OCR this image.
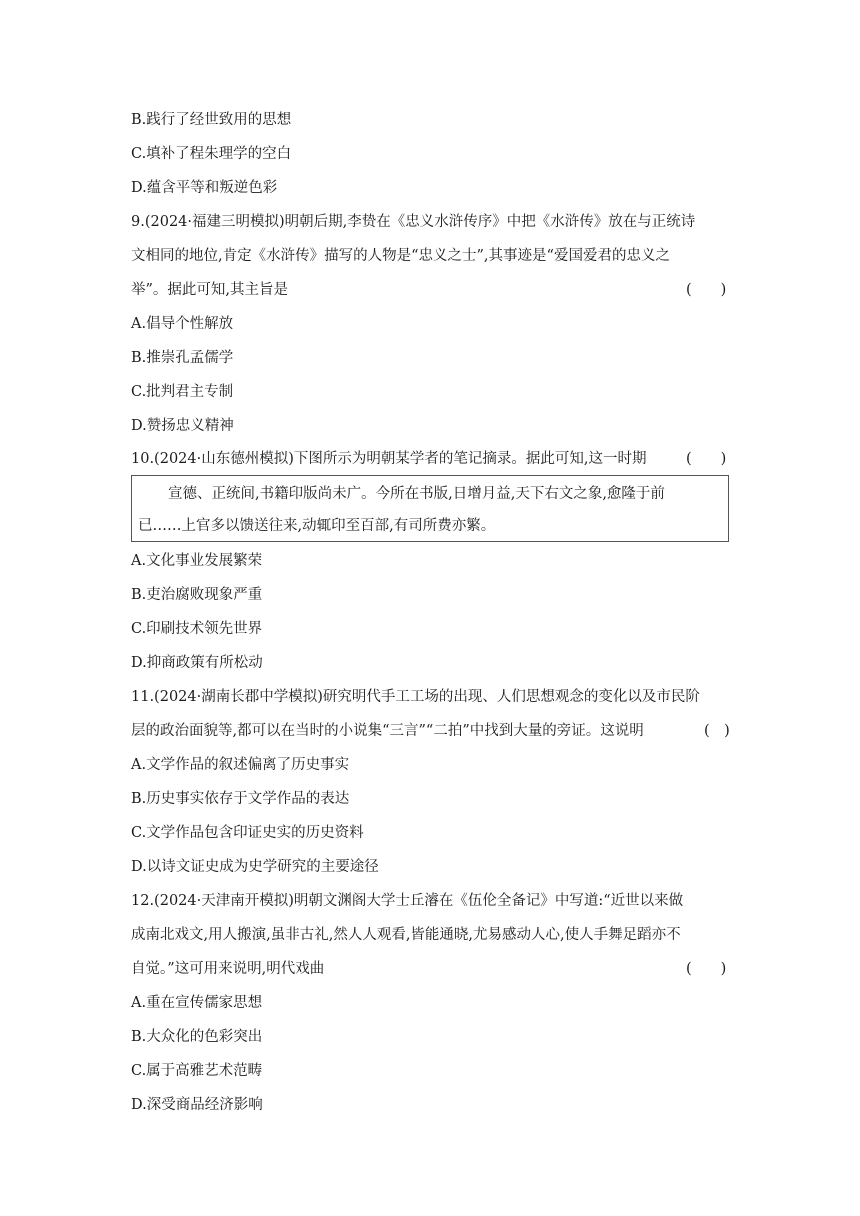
B.践行了经世致用的思想
C.填补了程朱理学的空白
D.蕴含平等和叛逆色彩
9.(2024·福建三明模拟)明朝后期,李贽在《忠义水浒传序》中把《水浒传》放在与正统诗
文相同的地位,肯定《水浒传》描写的人物是“忠义之士”,其事迹是“爱国爱君的忠义之
举”。据此可知,其主旨是	(　　)
A.倡导个性解放
B.推崇孔孟儒学
C.批判君主专制
D.赞扬忠义精神
10.(2024·山东德州模拟)下图所示为明朝某学者的笔记摘录。据此可知,这一时期	(　　)
宣德、正统间,书籍印版尚未广。今所在书版,日增月益,天下右文之象,愈隆于前
已……上官多以馈送往来,动辄印至百部,有司所费亦繁。
A.文化事业发展繁荣
B.吏治腐败现象严重
C.印刷技术领先世界
D.抑商政策有所松动
11.(2024·湖南长郡中学模拟)研究明代手工工场的出现、人们思想观念的变化以及市民阶
层的政治面貌等,都可以在当时的小说集“三言”“二拍”中找到大量的旁证。这说明	(　)
A.文学作品的叙述偏离了历史事实
B.历史事实依存于文学作品的表达
C.文学作品包含印证史实的历史资料
D.以诗文证史成为史学研究的主要途径
12.(2024·天津南开模拟)明朝文渊阁大学士丘濬在《伍伦全备记》中写道:“近世以来做
成南北戏文,用人搬演,虽非古礼,然人人观看,皆能通晓,尤易感动人心,使人手舞足蹈亦不
自觉。”这可用来说明,明代戏曲	(　　)
A.重在宣传儒家思想
B.大众化的色彩突出
C.属于高雅艺术范畴
D.深受商品经济影响
